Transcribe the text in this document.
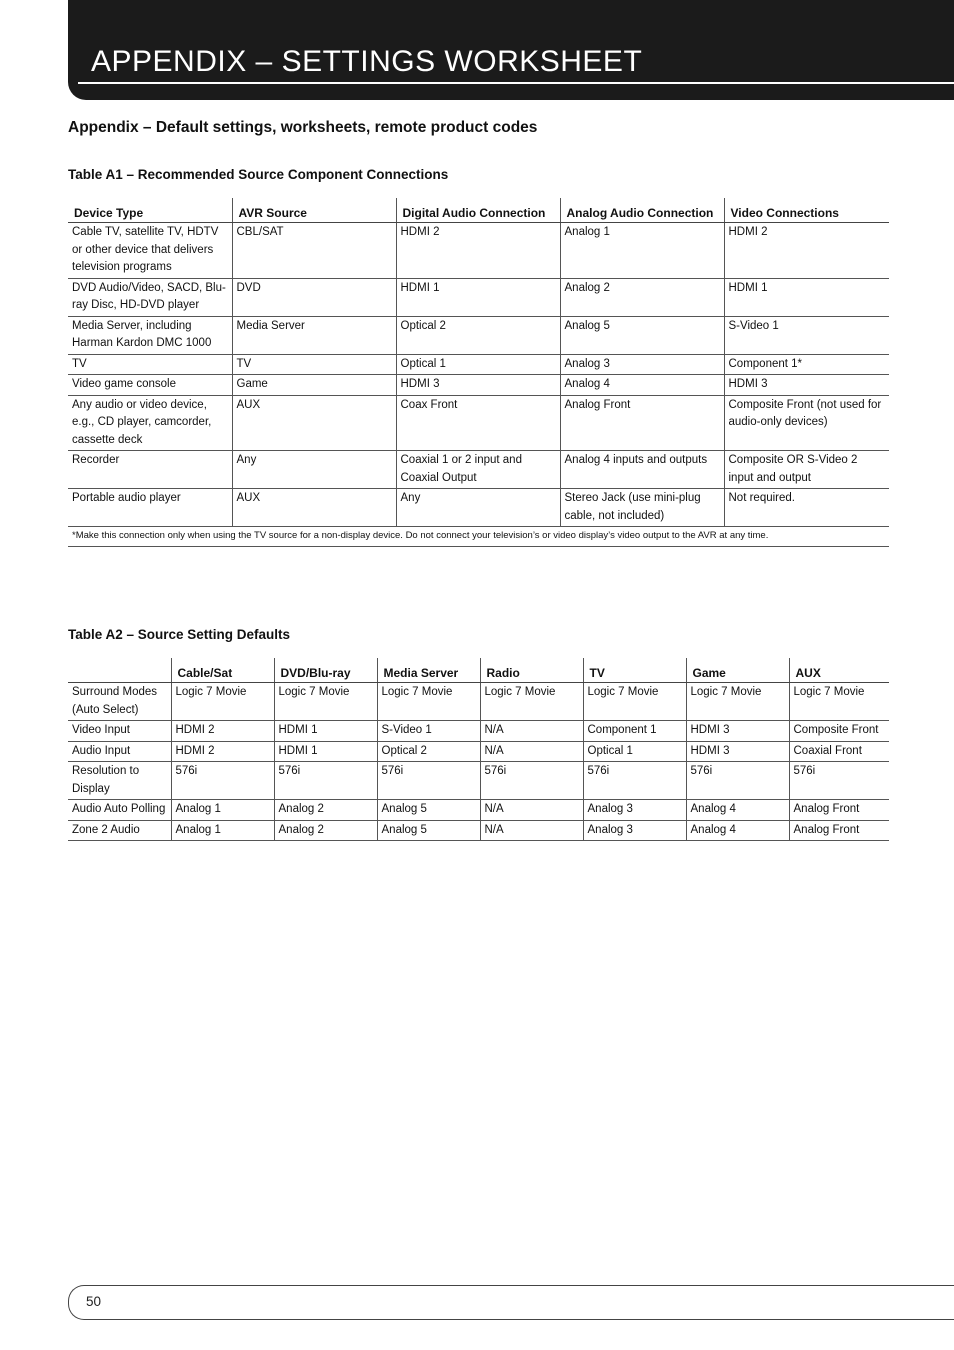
APPENDIX – SETTINGS WORKSHEET
Appendix – Default settings, worksheets, remote product codes
Table A1 – Recommended Source Component Connections
Device Type	AVR Source	Digital Audio Connection	Analog Audio Connection	Video Connections
Cable TV, satellite TV, HDTV or other device that delivers television programs	CBL/SAT	HDMI 2	Analog 1	HDMI 2
DVD Audio/Video, SACD, Blu-ray Disc, HD-DVD player	DVD	HDMI 1	Analog 2	HDMI 1
Media Server, including Harman Kardon DMC 1000	Media Server	Optical 2	Analog 5	S-Video 1
TV	TV	Optical 1	Analog 3	Component 1*
Video game console	Game	HDMI 3	Analog 4	HDMI 3
Any audio or video device, e.g., CD player, camcorder, cassette deck	AUX	Coax Front	Analog Front	Composite Front (not used for audio-only devices)
Recorder	Any	Coaxial 1 or 2 input and Coaxial Output	Analog 4 inputs and outputs	Composite OR S-Video 2 input and output
Portable audio player	AUX	Any	Stereo Jack (use mini-plug cable, not included)	Not required.
*Make this connection only when using the TV source for a non-display device. Do not connect your television’s or video display’s video output to the AVR at any time.				
Table A2 – Source Setting Defaults
	Cable/Sat	DVD/Blu-ray	Media Server	Radio	TV	Game	AUX
Surround Modes (Auto Select)	Logic 7 Movie	Logic 7 Movie	Logic 7 Movie	Logic 7 Movie	Logic 7 Movie	Logic 7 Movie	Logic 7 Movie
Video Input	HDMI 2	HDMI 1	S-Video 1	N/A	Component 1	HDMI 3	Composite Front
Audio Input	HDMI 2	HDMI 1	Optical 2	N/A	Optical 1	HDMI 3	Coaxial Front
Resolution to Display	576i	576i	576i	576i	576i	576i	576i
Audio Auto Polling	Analog 1	Analog 2	Analog 5	N/A	Analog 3	Analog 4	Analog Front
Zone 2 Audio	Analog 1	Analog 2	Analog 5	N/A	Analog 3	Analog 4	Analog Front
50
